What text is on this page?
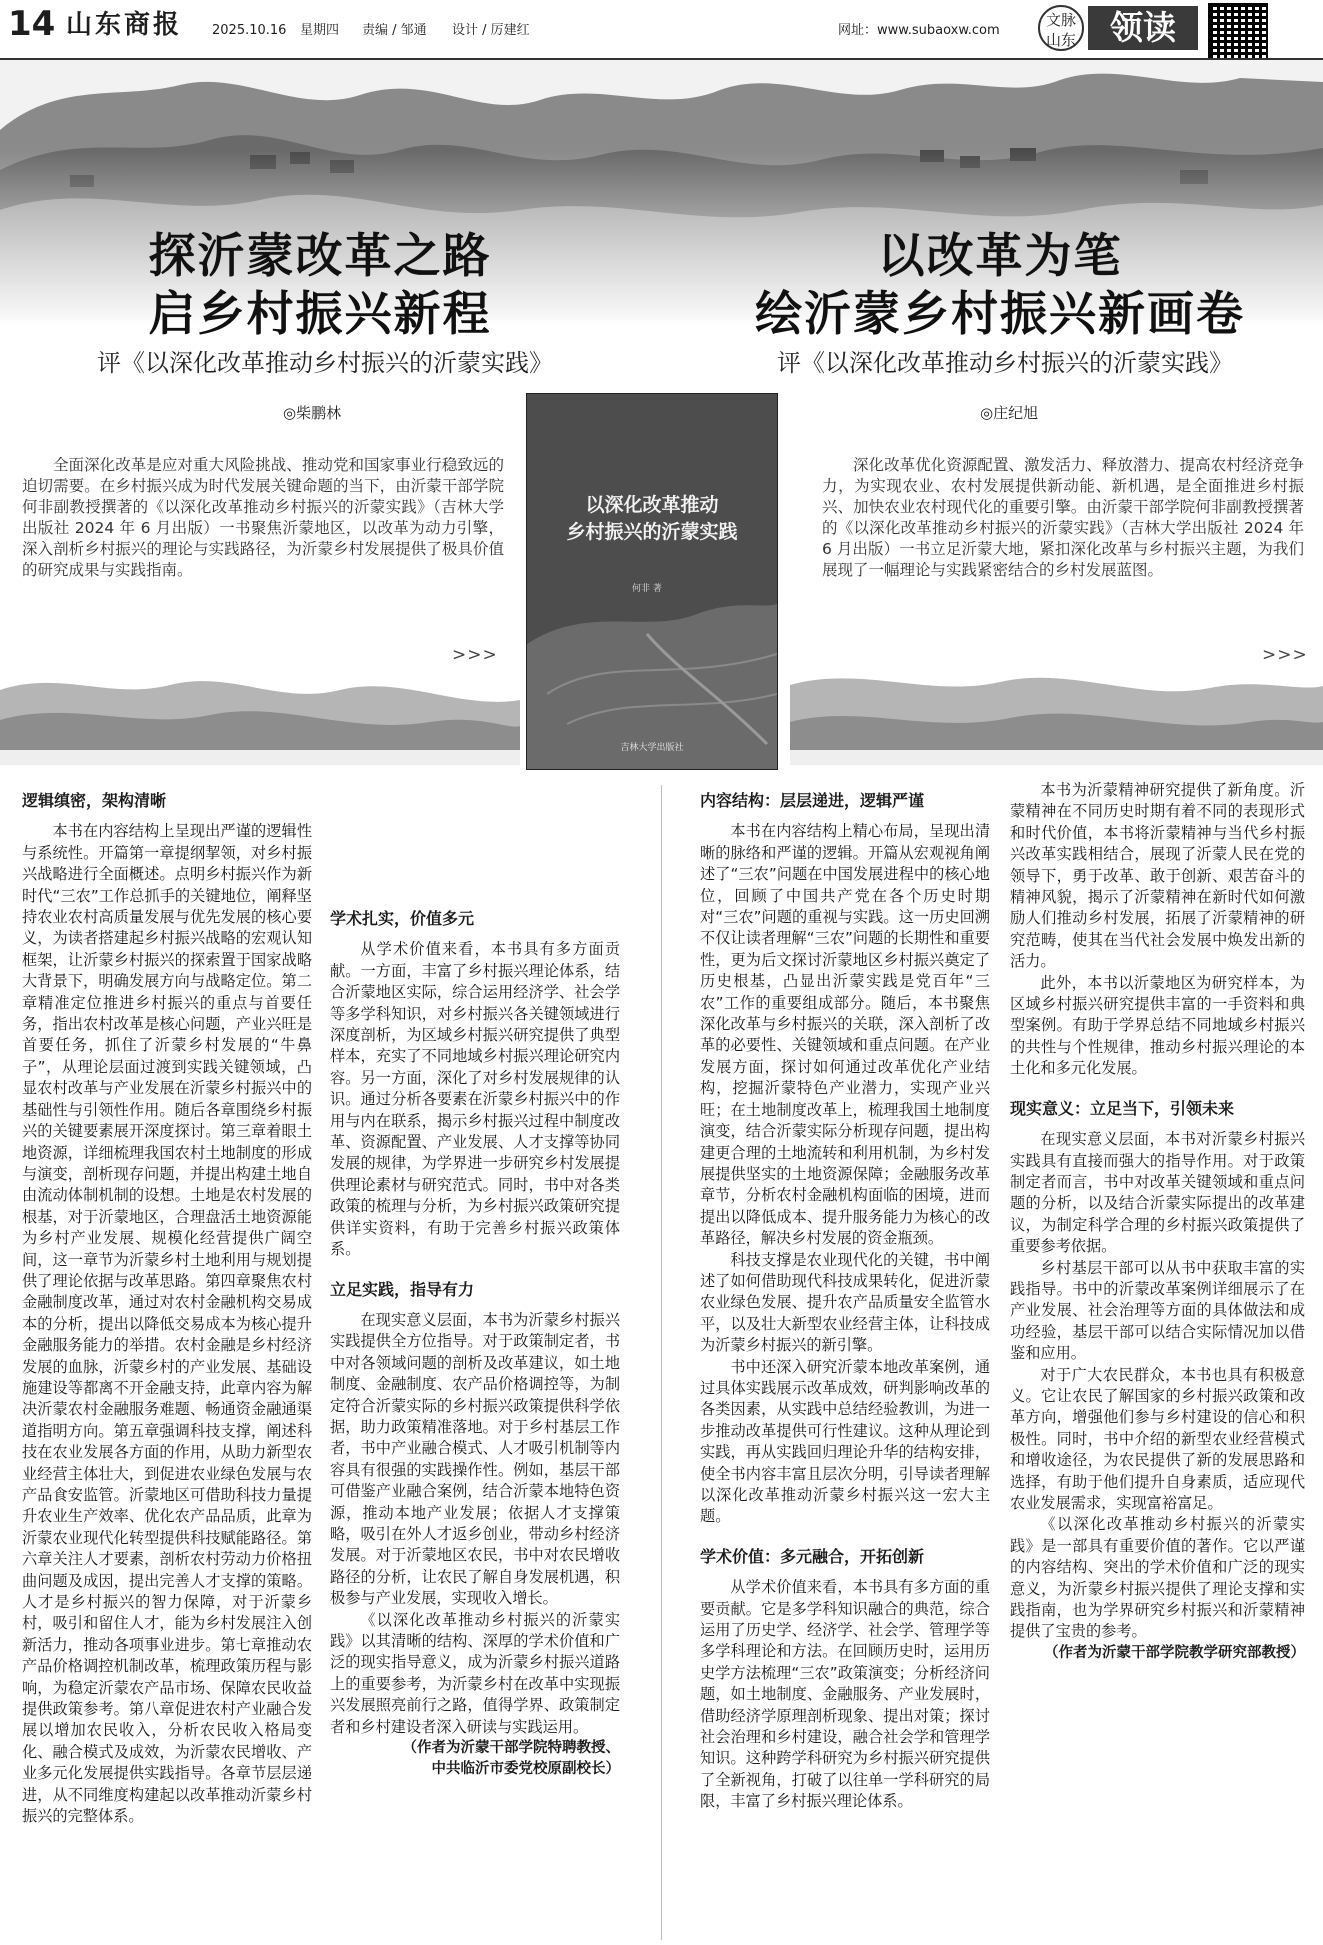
14 山东商报 2025.10.16 星期四 责编 / 邹通 设计 / 厉建红	网址：www.subaoxw.com
文脉山东	领读
探沂蒙改革之路
启乡村振兴新程
评《以深化改革推动乡村振兴的沂蒙实践》
以改革为笔
绘沂蒙乡村振兴新画卷
评《以深化改革推动乡村振兴的沂蒙实践》
◎柴鹏林	◎庄纪旭
全面深化改革是应对重大风险挑战、推动党和国家事业行稳致远的迫切需要。在乡村振兴成为时代发展关键命题的当下，由沂蒙干部学院何非副教授撰著的《以深化改革推动乡村振兴的沂蒙实践》（吉林大学出版社 2024 年 6 月出版）一书聚焦沂蒙地区，以改革为动力引擎，深入剖析乡村振兴的理论与实践路径，为沂蒙乡村发展提供了极具价值的研究成果与实践指南。
深化改革优化资源配置、激发活力、释放潜力、提高农村经济竞争力，为实现农业、农村发展提供新动能、新机遇，是全面推进乡村振兴、加快农业农村现代化的重要引擎。由沂蒙干部学院何非副教授撰著的《以深化改革推动乡村振兴的沂蒙实践》（吉林大学出版社 2024 年 6 月出版）一书立足沂蒙大地，紧扣深化改革与乡村振兴主题，为我们展现了一幅理论与实践紧密结合的乡村发展蓝图。
>>>	>>>
以深化改革推动
乡村振兴的沂蒙实践
何非 著
吉林大学出版社
逻辑缜密，架构清晰

本书在内容结构上呈现出严谨的逻辑性与系统性。开篇第一章提纲挈领，对乡村振兴战略进行全面概述。点明乡村振兴作为新时代“三农”工作总抓手的关键地位，阐释坚持农业农村高质量发展与优先发展的核心要义，为读者搭建起乡村振兴战略的宏观认知框架，让沂蒙乡村振兴的探索置于国家战略大背景下，明确发展方向与战略定位。第二章精准定位推进乡村振兴的重点与首要任务，指出农村改革是核心问题，产业兴旺是首要任务，抓住了沂蒙乡村发展的“牛鼻子”，从理论层面过渡到实践关键领域，凸显农村改革与产业发展在沂蒙乡村振兴中的基础性与引领性作用。随后各章围绕乡村振兴的关键要素展开深度探讨。第三章着眼土地资源，详细梳理我国农村土地制度的形成与演变，剖析现存问题，并提出构建土地自由流动体制机制的设想。土地是农村发展的根基，对于沂蒙地区，合理盘活土地资源能为乡村产业发展、规模化经营提供广阔空间，这一章节为沂蒙乡村土地利用与规划提供了理论依据与改革思路。第四章聚焦农村金融制度改革，通过对农村金融机构交易成本的分析，提出以降低交易成本为核心提升金融服务能力的举措。农村金融是乡村经济发展的血脉，沂蒙乡村的产业发展、基础设施建设等都离不开金融支持，此章内容为解决沂蒙农村金融服务难题、畅通资金融通渠道指明方向。第五章强调科技支撑，阐述科技在农业发展各方面的作用，从助力新型农业经营主体壮大，到促进农业绿色发展与农产品食安监管。沂蒙地区可借助科技力量提升农业生产效率、优化农产品品质，此章为沂蒙农业现代化转型提供科技赋能路径。第六章关注人才要素，剖析农村劳动力价格扭曲问题及成因，提出完善人才支撑的策略。人才是乡村振兴的智力保障，对于沂蒙乡村，吸引和留住人才，能为乡村发展注入创新活力，推动各项事业进步。第七章推动农产品价格调控机制改革，梳理政策历程与影响，为稳定沂蒙农产品市场、保障农民收益提供政策参考。第八章促进农村产业融合发展以增加农民收入，分析农民收入格局变化、融合模式及成效，为沂蒙农民增收、产业多元化发展提供实践指导。各章节层层递进，从不同维度构建起以改革推动沂蒙乡村振兴的完整体系。

学术扎实，价值多元

从学术价值来看，本书具有多方面贡献。一方面，丰富了乡村振兴理论体系，结合沂蒙地区实际，综合运用经济学、社会学等多学科知识，对乡村振兴各关键领域进行深度剖析，为区域乡村振兴研究提供了典型样本，充实了不同地域乡村振兴理论研究内容。另一方面，深化了对乡村发展规律的认识。通过分析各要素在沂蒙乡村振兴中的作用与内在联系，揭示乡村振兴过程中制度改革、资源配置、产业发展、人才支撑等协同发展的规律，为学界进一步研究乡村发展提供理论素材与研究范式。同时，书中对各类政策的梳理与分析，为乡村振兴政策研究提供详实资料，有助于完善乡村振兴政策体系。

立足实践，指导有力

在现实意义层面，本书为沂蒙乡村振兴实践提供全方位指导。对于政策制定者，书中对各领域问题的剖析及改革建议，如土地制度、金融制度、农产品价格调控等，为制定符合沂蒙实际的乡村振兴政策提供科学依据，助力政策精准落地。对于乡村基层工作者，书中产业融合模式、人才吸引机制等内容具有很强的实践操作性。例如，基层干部可借鉴产业融合案例，结合沂蒙本地特色资源，推动本地产业发展；依据人才支撑策略，吸引在外人才返乡创业，带动乡村经济发展。对于沂蒙地区农民，书中对农民增收路径的分析，让农民了解自身发展机遇，积极参与产业发展，实现收入增长。

《以深化改革推动乡村振兴的沂蒙实践》以其清晰的结构、深厚的学术价值和广泛的现实指导意义，成为沂蒙乡村振兴道路上的重要参考，为沂蒙乡村在改革中实现振兴发展照亮前行之路，值得学界、政策制定者和乡村建设者深入研读与实践运用。

（作者为沂蒙干部学院特聘教授、

中共临沂市委党校原副校长）

内容结构：层层递进，逻辑严谨

本书在内容结构上精心布局，呈现出清晰的脉络和严谨的逻辑。开篇从宏观视角阐述了“三农”问题在中国发展进程中的核心地位，回顾了中国共产党在各个历史时期对“三农”问题的重视与实践。这一历史回溯不仅让读者理解“三农”问题的长期性和重要性，更为后文探讨沂蒙地区乡村振兴奠定了历史根基，凸显出沂蒙实践是党百年“三农”工作的重要组成部分。随后，本书聚焦深化改革与乡村振兴的关联，深入剖析了改革的必要性、关键领域和重点问题。在产业发展方面，探讨如何通过改革优化产业结构，挖掘沂蒙特色产业潜力，实现产业兴旺；在土地制度改革上，梳理我国土地制度演变，结合沂蒙实际分析现存问题，提出构建更合理的土地流转和利用机制，为乡村发展提供坚实的土地资源保障；金融服务改革章节，分析农村金融机构面临的困境，进而提出以降低成本、提升服务能力为核心的改革路径，解决乡村发展的资金瓶颈。

科技支撑是农业现代化的关键，书中阐述了如何借助现代科技成果转化，促进沂蒙农业绿色发展、提升农产品质量安全监管水平，以及壮大新型农业经营主体，让科技成为沂蒙乡村振兴的新引擎。

书中还深入研究沂蒙本地改革案例，通过具体实践展示改革成效，研判影响改革的各类因素，从实践中总结经验教训，为进一步推动改革提供可行性建议。这种从理论到实践，再从实践回归理论升华的结构安排，使全书内容丰富且层次分明，引导读者理解以深化改革推动沂蒙乡村振兴这一宏大主题。

学术价值：多元融合，开拓创新

从学术价值来看，本书具有多方面的重要贡献。它是多学科知识融合的典范，综合运用了历史学、经济学、社会学、管理学等多学科理论和方法。在回顾历史时，运用历史学方法梳理“三农”政策演变；分析经济问题，如土地制度、金融服务、产业发展时，借助经济学原理剖析现象、提出对策；探讨社会治理和乡村建设，融合社会学和管理学知识。这种跨学科研究为乡村振兴研究提供了全新视角，打破了以往单一学科研究的局限，丰富了乡村振兴理论体系。

本书为沂蒙精神研究提供了新角度。沂蒙精神在不同历史时期有着不同的表现形式和时代价值，本书将沂蒙精神与当代乡村振兴改革实践相结合，展现了沂蒙人民在党的领导下，勇于改革、敢于创新、艰苦奋斗的精神风貌，揭示了沂蒙精神在新时代如何激励人们推动乡村发展，拓展了沂蒙精神的研究范畴，使其在当代社会发展中焕发出新的活力。

此外，本书以沂蒙地区为研究样本，为区域乡村振兴研究提供丰富的一手资料和典型案例。有助于学界总结不同地域乡村振兴的共性与个性规律，推动乡村振兴理论的本土化和多元化发展。

现实意义：立足当下，引领未来

在现实意义层面，本书对沂蒙乡村振兴实践具有直接而强大的指导作用。对于政策制定者而言，书中对改革关键领域和重点问题的分析，以及结合沂蒙实际提出的改革建议，为制定科学合理的乡村振兴政策提供了重要参考依据。

乡村基层干部可以从书中获取丰富的实践指导。书中的沂蒙改革案例详细展示了在产业发展、社会治理等方面的具体做法和成功经验，基层干部可以结合实际情况加以借鉴和应用。

对于广大农民群众，本书也具有积极意义。它让农民了解国家的乡村振兴政策和改革方向，增强他们参与乡村建设的信心和积极性。同时，书中介绍的新型农业经营模式和增收途径，为农民提供了新的发展思路和选择，有助于他们提升自身素质，适应现代农业发展需求，实现富裕富足。

《以深化改革推动乡村振兴的沂蒙实践》是一部具有重要价值的著作。它以严谨的内容结构、突出的学术价值和广泛的现实意义，为沂蒙乡村振兴提供了理论支撑和实践指南，也为学界研究乡村振兴和沂蒙精神提供了宝贵的参考。

（作者为沂蒙干部学院教学研究部教授）
